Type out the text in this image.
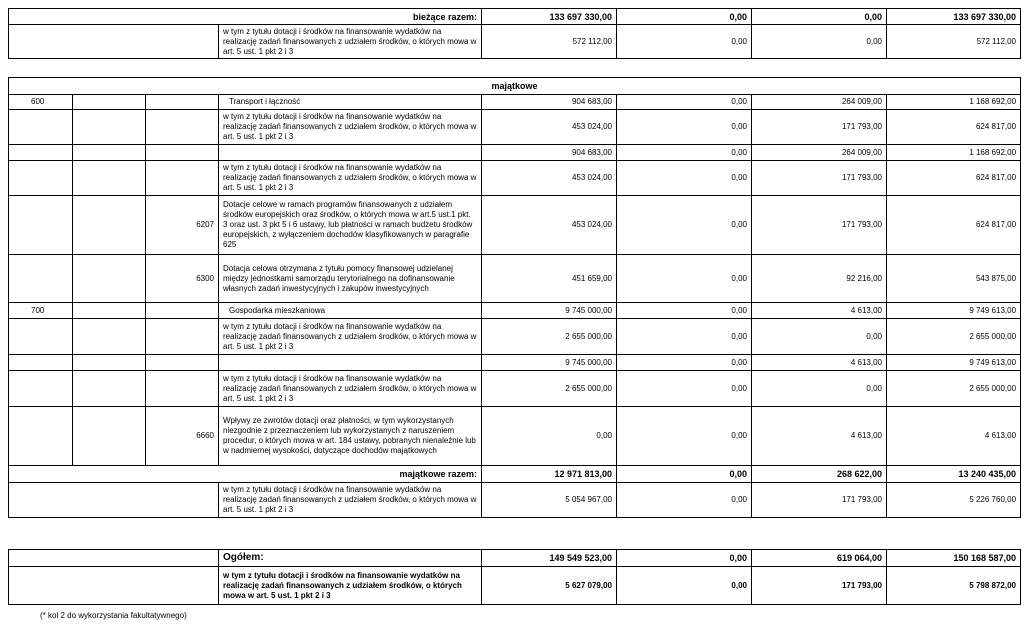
bieżące razem:		133 697 330,00	0,00	0,00	133 697 330,00
	w tym z tytułu dotacji i środków na finansowanie wydatków na realizację zadań finansowanych z udziałem środków, o których mowa w art. 5 ust. 1 pkt 2 i 3	572 112,00	0,00	0,00	572 112,00
majątkowe							
600			Transport i łączność	904 683,00	0,00	264 009,00	1 168 692,00
			w tym z tytułu dotacji i środków na finansowanie wydatków na realizację zadań finansowanych z udziałem środków, o których mowa w art. 5 ust. 1 pkt 2 i 3	453 024,00	0,00	171 793,00	624 817,00
				904 683,00	0,00	264 009,00	1 168 692,00
			w tym z tytułu dotacji i środków na finansowanie wydatków na realizację zadań finansowanych z udziałem środków, o których mowa w art. 5 ust. 1 pkt 2 i 3	453 024,00	0,00	171 793,00	624 817,00
		6207	Dotacje celowe w ramach programów finansowanych z udziałem środków europejskich oraz środków, o których mowa w art.5 ust.1 pkt. 3 oraz ust. 3 pkt 5 i 6 ustawy, lub płatności w ramach budżetu środków europejskich, z wyłączeniem dochodów klasyfikowanych w paragrafie 625	453 024,00	0,00	171 793,00	624 817,00
		6300	Dotacja celowa otrzymana z tytułu pomocy finansowej udzielanej między jednostkami samorządu terytorialnego na dofinansowanie własnych zadań inwestycyjnych i zakupów inwestycyjnych	451 659,00	0,00	92 216,00	543 875,00
700			Gospodarka mieszkaniowa	9 745 000,00	0,00	4 613,00	9 749 613,00
			w tym z tytułu dotacji i środków na finansowanie wydatków na realizację zadań finansowanych z udziałem środków, o których mowa w art. 5 ust. 1 pkt 2 i 3	2 655 000,00	0,00	0,00	2 655 000,00
				9 745 000,00	0,00	4 613,00	9 749 613,00
			w tym z tytułu dotacji i środków na finansowanie wydatków na realizację zadań finansowanych z udziałem środków, o których mowa w art. 5 ust. 1 pkt 2 i 3	2 655 000,00	0,00	0,00	2 655 000,00
		6660	Wpływy ze zwrotów dotacji oraz płatności, w tym wykorzystanych niezgodnie z przeznaczeniem lub wykorzystanych z naruszeniem procedur, o których mowa w art. 184 ustawy, pobranych nienależnie lub w nadmiernej wysokości, dotyczące dochodów majątkowych	0,00	0,00	4 613,00	4 613,00
majątkowe razem:				12 971 813,00	0,00	268 622,00	13 240 435,00
			w tym z tytułu dotacji i środków na finansowanie wydatków na realizację zadań finansowanych z udziałem środków, o których mowa w art. 5 ust. 1 pkt 2 i 3	5 054 967,00	0,00	171 793,00	5 226 760,00
	Ogółem:	149 549 523,00	0,00	619 064,00	150 168 587,00
	w tym z tytułu dotacji i środków na finansowanie wydatków na realizację zadań finansowanych z udziałem środków, o których mowa w art. 5 ust. 1 pkt 2 i 3	5 627 079,00	0,00	171 793,00	5 798 872,00
(* kol 2 do wykorzystania fakultatywnego)
